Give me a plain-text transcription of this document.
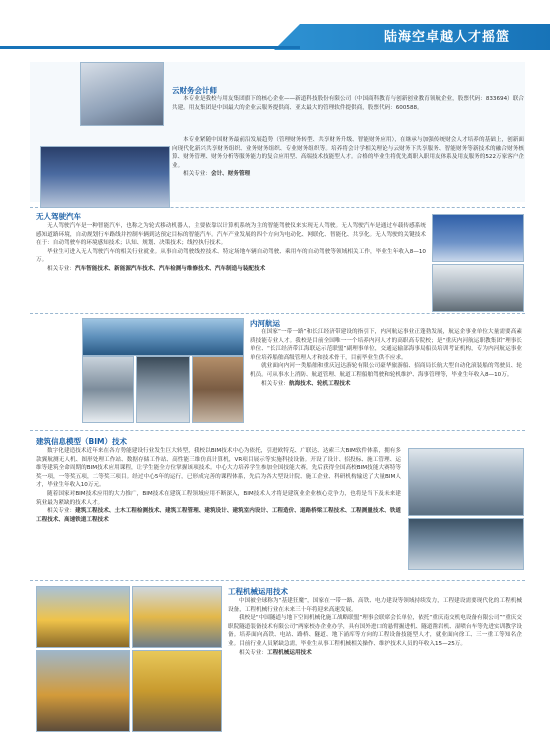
陆海空卓越人才摇篮
云财务会计师

本专业是我校与用友集团旗下的核心企业——新道科技股份有限公司（中国商科教育与创新创业教育领航企业，股票代码：833694）联合共建。用友集团是中国最大的企业云服务提供商、亚太最大的管理软件提供商，股票代码：600588。

本专业紧随中国财务最前沿发展趋势（管理财务转型、共享财务升级、智能财务应用），在继承与加强传统财会人才培养的基础上，创新面向现代化新兴共享财务组织、业务财务组织、专业财务组织等。培养将会计学相关理论与云财务下共享服务、智能财务等新技术的融合财务核算、财务管理、财务分析等服务能力的复合应用型、高端技术技能型人才。合格的毕业生将优先离职入职用友体系及用友服务的522万家客户企业。

相关专业：会计、财务管理

无人驾驶汽车

无人驾驶汽车是一种智能汽车，也称之为轮式移动机器人，主要依靠以计算机系统为主的智能驾驶仪来实现无人驾驶。无人驾驶汽车是通过车载传感系统感知道路环境，自动规划行车路线并控制车辆到达预定目标的智能汽车。汽车产业发展的四个方向为电动化、网联化、智能化、共享化。无人驾驶的关键技术在于：自动驾驶车的环境感知技术；认知、规划、决策技术；线控执行技术。

毕业生可进入无人驾驶汽车的相关行业就业。从事自动驾驶线控技术、特定场地车辆自动驾驶、乘用车的自动驾驶等领域相关工作，毕业生年收入8—10万。

相关专业：汽车智能技术、新能源汽车技术、汽车检测与维修技术、汽车制造与装配技术

内河航运

在国家“一带一路”和长江经济带建设的指引下，内河航运事业正蓬勃发展，航运企事业单位大量需要高素质技能专业人才。我校是目前全国唯一一个培养内河人才的高职高专院校；是“重庆内河航运职教集团”理事长单位、“长江经济带江海联运示范联盟”副理事单位，交通运输部海事局船员培训考证机构，专为内河航运事业单位培养船舶高级管理人才和技术骨干，目前毕业生供不应求。

就业面向内河一类船舶和重庆冠达游轮有限公司豪华旅游船、招商局长航大型自动化滚装船的驾驶员、轮机员。可从事水上消防、航道管理、航道工程船舶驾驶和轮机维护、海事管理等，毕业生年收入8—10万。

相关专业：航海技术、轮机工程技术

建筑信息模型（BIM）技术

数字化建造技术近年来在各方势能建设行业发生巨大转型，我校以BIM技术中心为依托，引进欧特克、广联达、达索三大BIM软件体系，拥有多款翼航测无人机、图形处理工作站、数据存储工作站、高性能三维仿真计算机，VR项目展示等实施科技设备。开设了设计、招投标、施工管理、运维等建筑全命周期的BIM技术应用课程，让学生能全方位掌握该项技术。中心大力培养学生参加全国技能大赛，先后获得全国高校BIM技能大赛特等奖一项，一等奖五项，二等奖三项目。经过中心5年的运行，已形成完善的课程体系，先后为各大型设计院、施工企业、科研机构输送了大量BIM人才，毕业生年收入10万元。

随着国家对BIM技术应用的大力推广，BIM技术在建筑工程领域应用不断深入，BIM技术人才将是建筑业企业核心竞争力，也将是当下及未来建筑业最为紧缺的技术人才。

相关专业：建筑工程技术、土木工程检测技术、建筑工程管理、建筑设计、建筑室内设计、工程造价、道路桥梁工程技术、工程测量技术、铁道工程技术、高速铁道工程技术

工程机械运用技术

中国被全球称为“基建狂魔”，国家在一带一路、高铁、电力建设等领域持续发力，工程建设需要现代化的工程机械设备，工程机械行业在未来三十年将迎来高速发展。

我校是“中国隧道与地下空间机械化施工战略联盟”理事会联席会长单位，依托“重庆南交机电设备有限公司”“重庆交职院隧道装备技术有限公司”两家校办企业办学，具有国外进口的悬臂掘进机、隧道凿岩机、湿喷台车等先进实训教学设备。培养面向高铁、电站、路桥、隧道、地下涌库等方向的工程设备技能型人才，就业面向徐工、三一重工等知名企业。目前行业人员紧缺急需，毕业生从事工程机械相关操作、维护技术人员的年收入15—25万。

相关专业：工程机械运用技术
